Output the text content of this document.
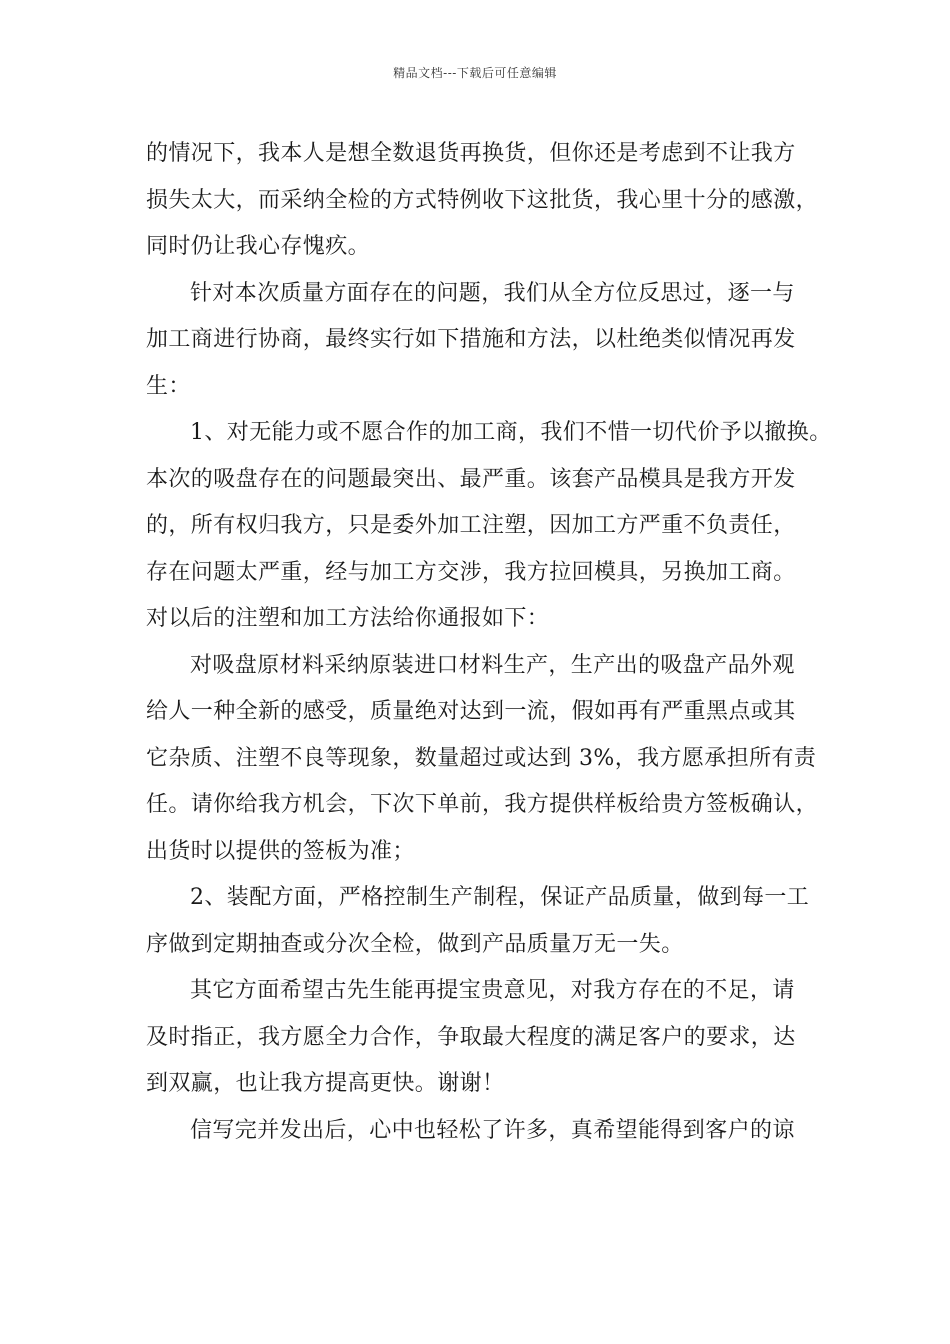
精品文档---下载后可任意编辑

的情况下，我本人是想全数退货再换货，但你还是考虑到不让我方
损失太大，而采纳全检的方式特例收下这批货，我心里十分的感激，
同时仍让我心存愧疚。

针对本次质量方面存在的问题，我们从全方位反思过，逐一与
加工商进行协商，最终实行如下措施和方法，以杜绝类似情况再发
生：

1、对无能力或不愿合作的加工商，我们不惜一切代价予以撤换。
本次的吸盘存在的问题最突出、最严重。该套产品模具是我方开发
的，所有权归我方，只是委外加工注塑，因加工方严重不负责任，
存在问题太严重，经与加工方交涉，我方拉回模具，另换加工商。
对以后的注塑和加工方法给你通报如下：

对吸盘原材料采纳原装进口材料生产，生产出的吸盘产品外观
给人一种全新的感受，质量绝对达到一流，假如再有严重黑点或其
它杂质、注塑不良等现象，数量超过或达到 3%，我方愿承担所有责
任。请你给我方机会，下次下单前，我方提供样板给贵方签板确认，
出货时以提供的签板为准；

2、装配方面，严格控制生产制程，保证产品质量，做到每一工
序做到定期抽查或分次全检，做到产品质量万无一失。

其它方面希望古先生能再提宝贵意见，对我方存在的不足，请
及时指正，我方愿全力合作，争取最大程度的满足客户的要求，达
到双赢，也让我方提高更快。谢谢！

信写完并发出后，心中也轻松了许多，真希望能得到客户的谅
